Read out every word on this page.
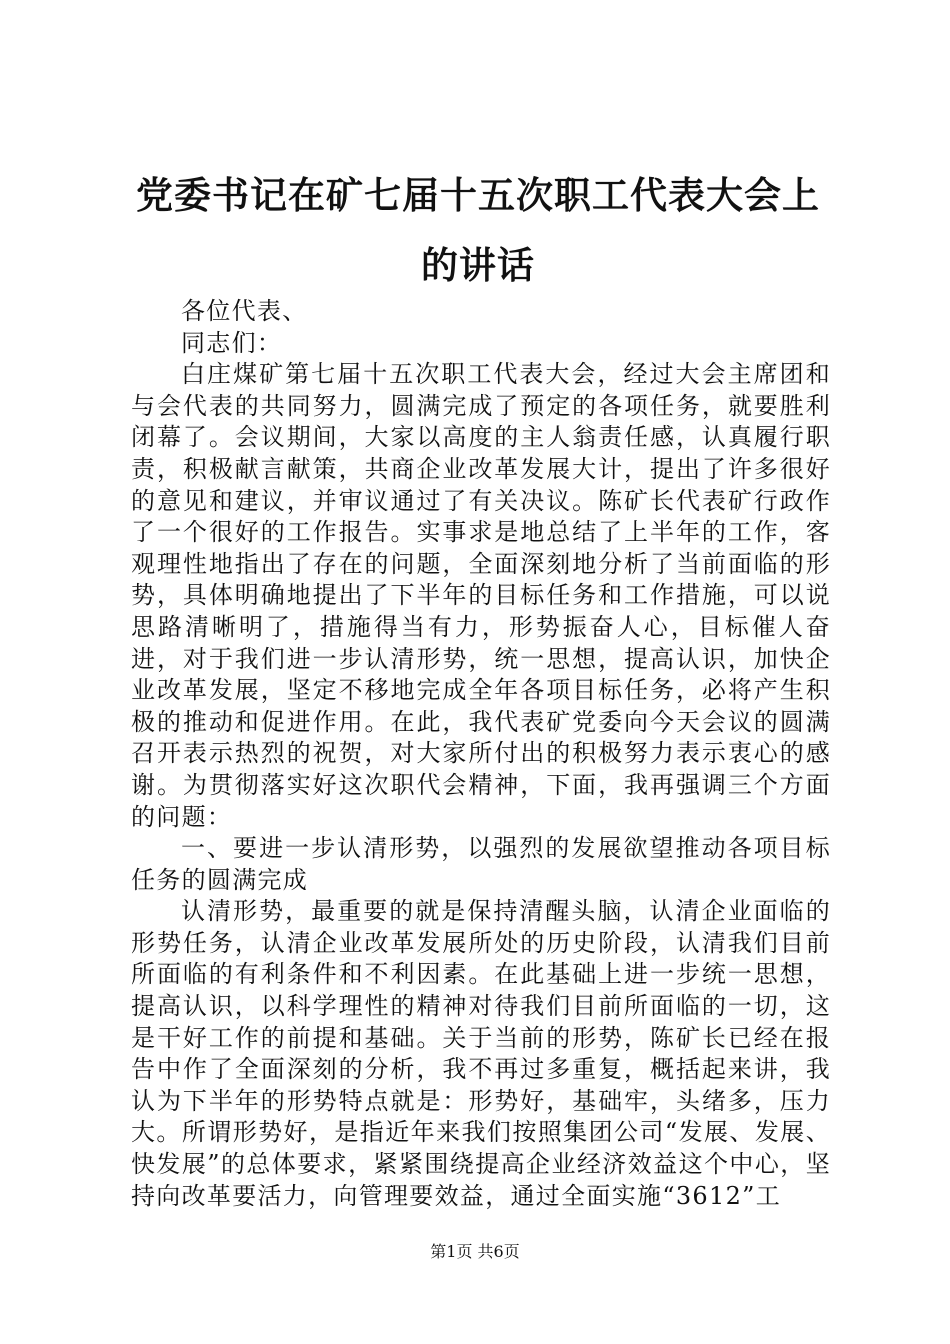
党委书记在矿七届十五次职工代表大会上的讲话

各位代表、

同志们：

白庄煤矿第七届十五次职工代表大会，经过大会主席团和与会代表的共同努力，圆满完成了预定的各项任务，就要胜利闭幕了。会议期间，大家以高度的主人翁责任感，认真履行职责，积极献言献策，共商企业改革发展大计，提出了许多很好的意见和建议，并审议通过了有关决议。陈矿长代表矿行政作了一个很好的工作报告。实事求是地总结了上半年的工作，客观理性地指出了存在的问题，全面深刻地分析了当前面临的形势，具体明确地提出了下半年的目标任务和工作措施，可以说思路清晰明了，措施得当有力，形势振奋人心，目标催人奋进，对于我们进一步认清形势，统一思想，提高认识，加快企业改革发展，坚定不移地完成全年各项目标任务，必将产生积极的推动和促进作用。在此，我代表矿党委向今天会议的圆满召开表示热烈的祝贺，对大家所付出的积极努力表示衷心的感谢。为贯彻落实好这次职代会精神，下面，我再强调三个方面的问题：

一、要进一步认清形势，以强烈的发展欲望推动各项目标任务的圆满完成

认清形势，最重要的就是保持清醒头脑，认清企业面临的形势任务，认清企业改革发展所处的历史阶段，认清我们目前所面临的有利条件和不利因素。在此基础上进一步统一思想，提高认识，以科学理性的精神对待我们目前所面临的一切，这是干好工作的前提和基础。关于当前的形势，陈矿长已经在报告中作了全面深刻的分析，我不再过多重复，概括起来讲，我认为下半年的形势特点就是：形势好，基础牢，头绪多，压力大。所谓形势好，是指近年来我们按照集团公司“发展、发展、快发展”的总体要求，紧紧围绕提高企业经济效益这个中心，坚持向改革要活力，向管理要效益，通过全面实施“3612”工

第1页 共6页
